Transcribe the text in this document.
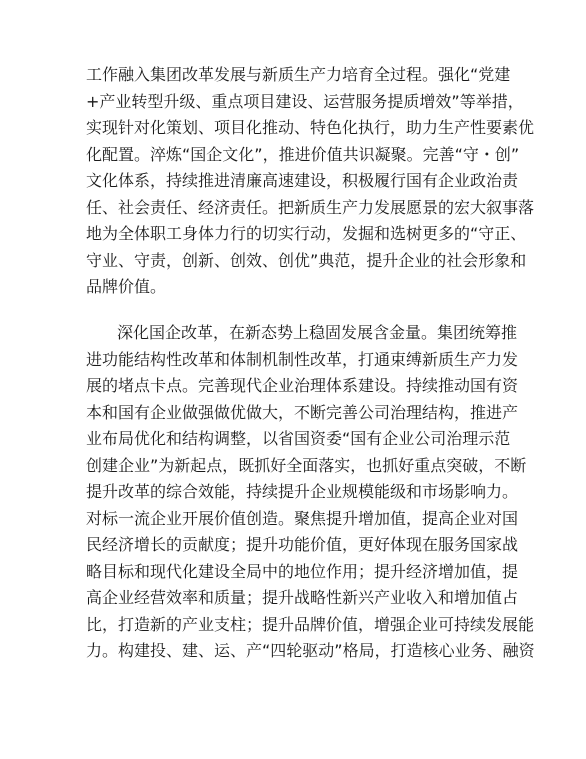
工作融入集团改革发展与新质生产力培育全过程。强化“党建
+产业转型升级、重点项目建设、运营服务提质增效”等举措，
实现针对化策划、项目化推动、特色化执行，助力生产性要素优
化配置。淬炼“国企文化”，推进价值共识凝聚。完善“守・创”
文化体系，持续推进清廉高速建设，积极履行国有企业政治责
任、社会责任、经济责任。把新质生产力发展愿景的宏大叙事落
地为全体职工身体力行的切实行动，发掘和选树更多的“守正、
守业、守责，创新、创效、创优”典范，提升企业的社会形象和
品牌价值。
深化国企改革，在新态势上稳固发展含金量。集团统筹推
进功能结构性改革和体制机制性改革，打通束缚新质生产力发
展的堵点卡点。完善现代企业治理体系建设。持续推动国有资
本和国有企业做强做优做大，不断完善公司治理结构，推进产
业布局优化和结构调整，以省国资委“国有企业公司治理示范
创建企业”为新起点，既抓好全面落实，也抓好重点突破，不断
提升改革的综合效能，持续提升企业规模能级和市场影响力。
对标一流企业开展价值创造。聚焦提升增加值，提高企业对国
民经济增长的贡献度；提升功能价值，更好体现在服务国家战
略目标和现代化建设全局中的地位作用；提升经济增加值，提
高企业经营效率和质量；提升战略性新兴产业收入和增加值占
比，打造新的产业支柱；提升品牌价值，增强企业可持续发展能
力。构建投、建、运、产“四轮驱动”格局，打造核心业务、融资
